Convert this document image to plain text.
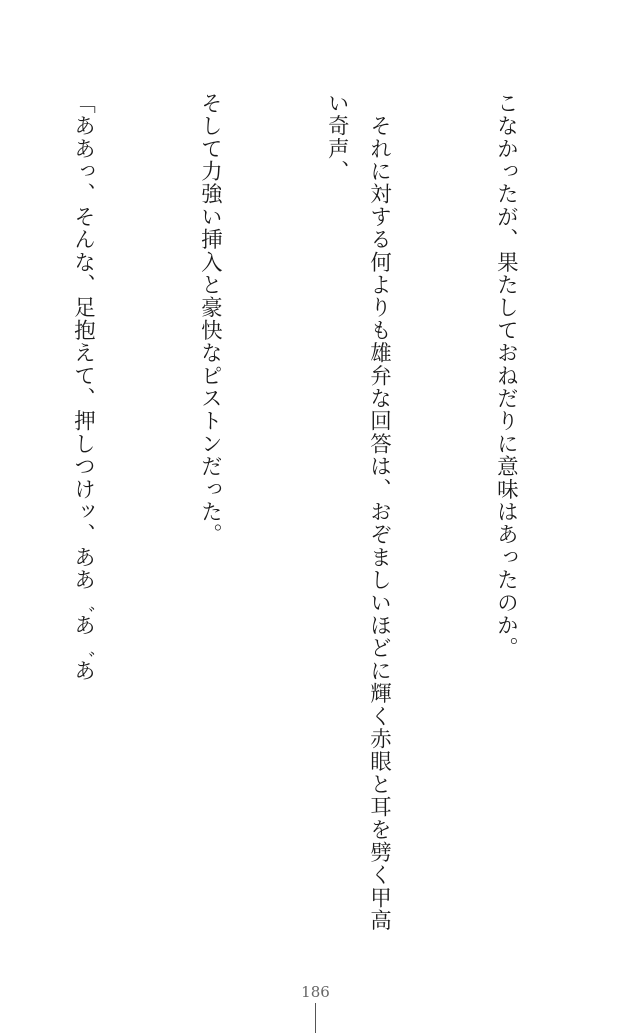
こなかったが、果たしておねだりに意味はあったのか。

　それに対する何よりも雄弁な回答は、おぞましいほどに輝く赤眼と耳を劈く甲高い奇声、

そして力強い挿入と豪快なピストンだった。

「ああっ、そんな、足抱えて、押しつけッ、ああ゛あ゛あ

186
